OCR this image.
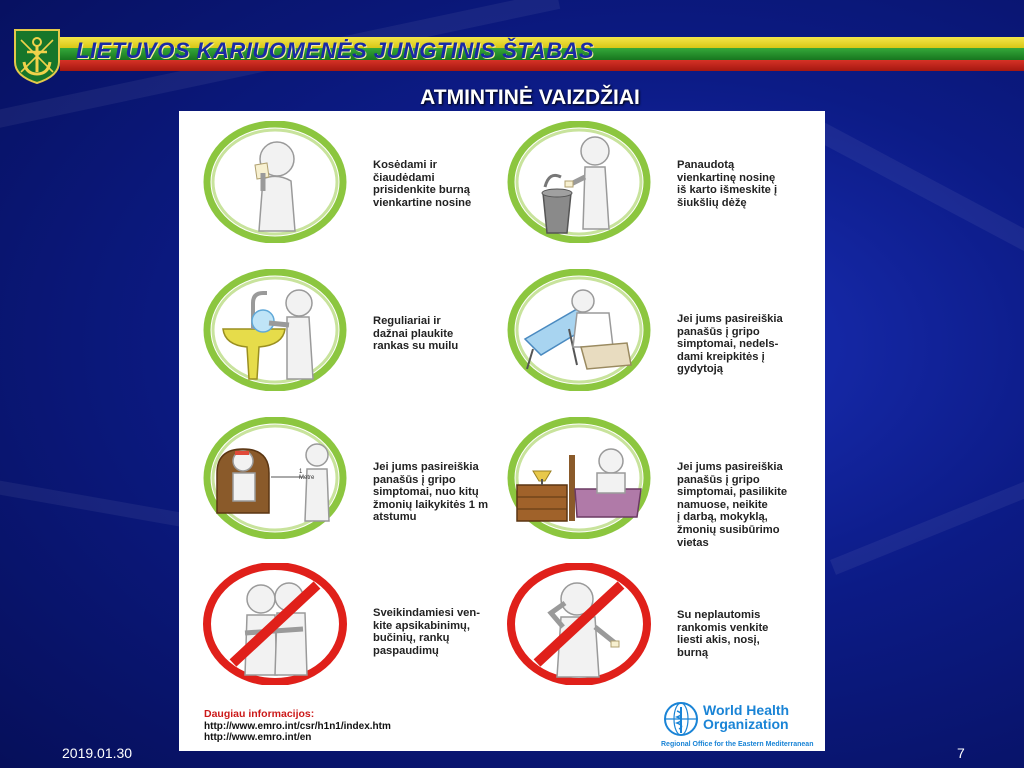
LIETUVOS KARIUOMENĖS JUNGTINIS ŠTABAS
ATMINTINĖ VAIZDŽIAI
Kosėdami ir
čiaudėdami
prisidenkite burną
vienkartine nosine
Panaudotą
vienkartinę nosinę
iš karto išmeskite į
šiukšlių dėžę
Reguliariai ir
dažnai plaukite
rankas su muilu
Jei jums pasireiškia
panašūs į gripo
simptomai, nedels-
dami kreipkitės į
gydytoją
1 Metre
Jei jums pasireiškia
panašūs į gripo
simptomai, nuo kitų
žmonių laikykitės 1 m
atstumu
Jei jums pasireiškia
panašūs į gripo
simptomai, pasilikite
namuose, neikite
į darbą, mokyklą,
žmonių susibūrimo
vietas
Sveikindamiesi ven-
kite apsikabinimų,
bučinių, rankų
paspaudimų
Su neplautomis
rankomis venkite
liesti akis, nosį,
burną
Daugiau informacijos:
http://www.emro.int/csr/h1n1/index.htm
http://www.emro.int/en
World Health
Organization
Regional Office for the Eastern Mediterranean
2019.01.30	7
